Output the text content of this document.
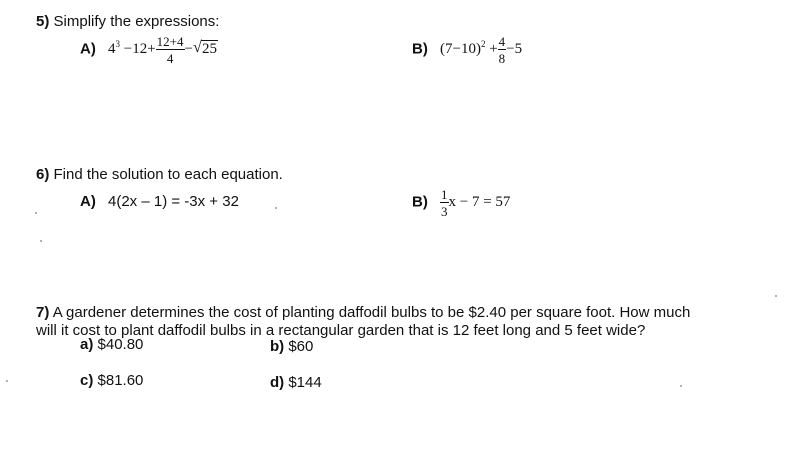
5) Simplify the expressions:
A) $4^3 -12+ \frac{12+4}{4}$ − √ 25	B) $(7-10)^2 + \frac{4}{8} -5$
6) Find the solution to each equation.
A) 4(2x – 1) = -3x + 32	$B) \frac{1}{3}$ x − 7 = 57
7) A gardener determines the cost of planting daffodil bulbs to be $2.40 per square foot. How much
will it cost to plant daffodil bulbs in a rectangular garden that is 12 feet long and 5 feet wide?
a) $40.80	b) $60
c) $81.60	d) $144
